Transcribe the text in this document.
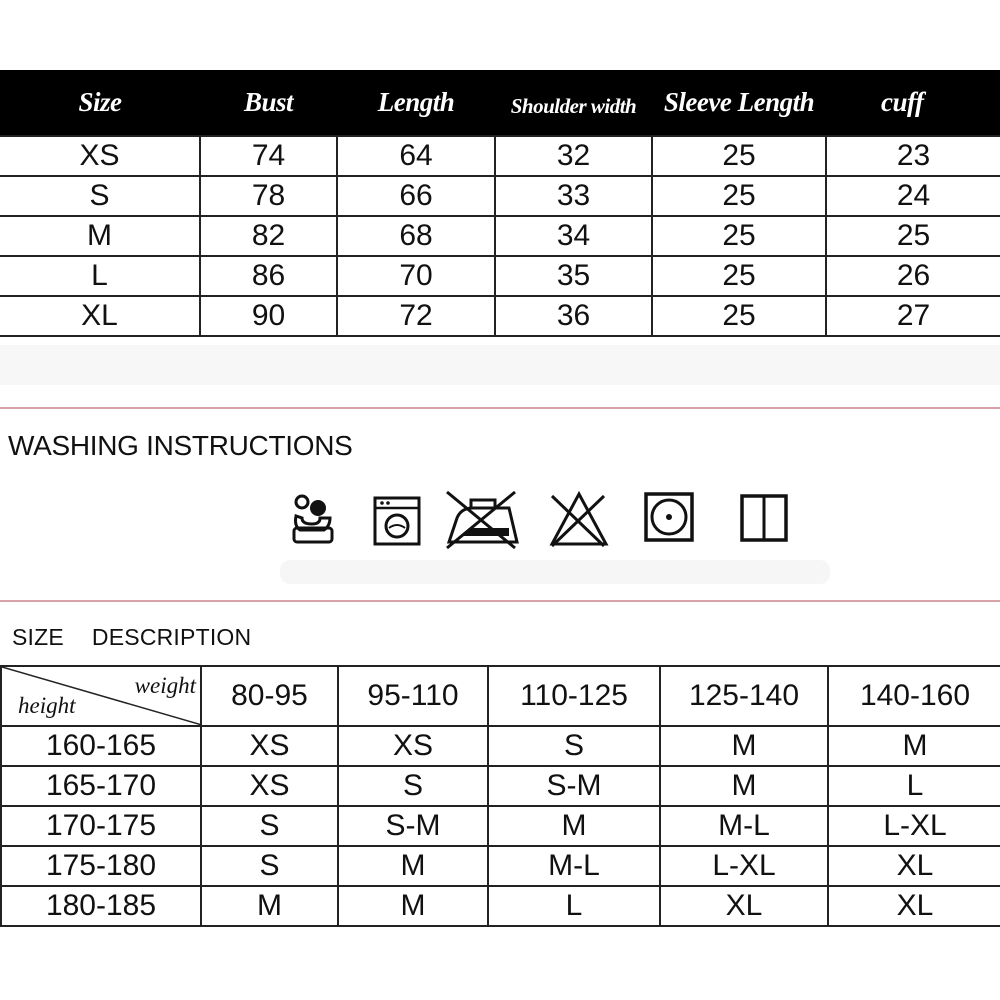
Size	Bust	Length	Shoulder width	Sleeve Length	cuff
XS	74	64	32	25	23
S	78	66	33	25	24
M	82	68	34	25	25
L	86	70	35	25	26
XL	90	72	36	25	27
WASHING INSTRUCTIONS
SIZE DESCRIPTION
weight
height	80-95	95-110	110-125	125-140	140-160
160-165	XS	XS	S	M	M
165-170	XS	S	S-M	M	L
170-175	S	S-M	M	M-L	L-XL
175-180	S	M	M-L	L-XL	XL
180-185	M	M	L	XL	XL
